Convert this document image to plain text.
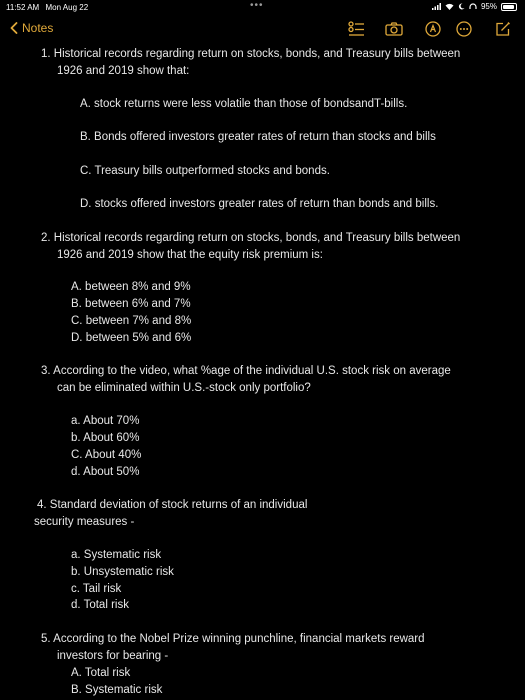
11:52 AM Mon Aug 22	•••	95%
Notes
1. Historical records regarding return on stocks, bonds, and Treasury bills between
1926 and 2019 show that:
A. stock returns were less volatile than those of bondsandT-bills.
B. Bonds offered investors greater rates of return than stocks and bills
C. Treasury bills outperformed stocks and bonds.
D. stocks offered investors greater rates of return than bonds and bills.
2. Historical records regarding return on stocks, bonds, and Treasury bills between
1926 and 2019 show that the equity risk premium is:
A. between 8% and 9%
B. between 6% and 7%
C. between 7% and 8%
D. between 5% and 6%
3. According to the video, what %age of the individual U.S. stock risk on average
can be eliminated within U.S.-stock only portfolio?
a. About 70%
b. About 60%
C. About 40%
d. About 50%
4. Standard deviation of stock returns of an individual
security measures -
a. Systematic risk
b. Unsystematic risk
c. Tail risk
d. Total risk
5. According to the Nobel Prize winning punchline, financial markets reward
investors for bearing -
A. Total risk
B. Systematic risk
